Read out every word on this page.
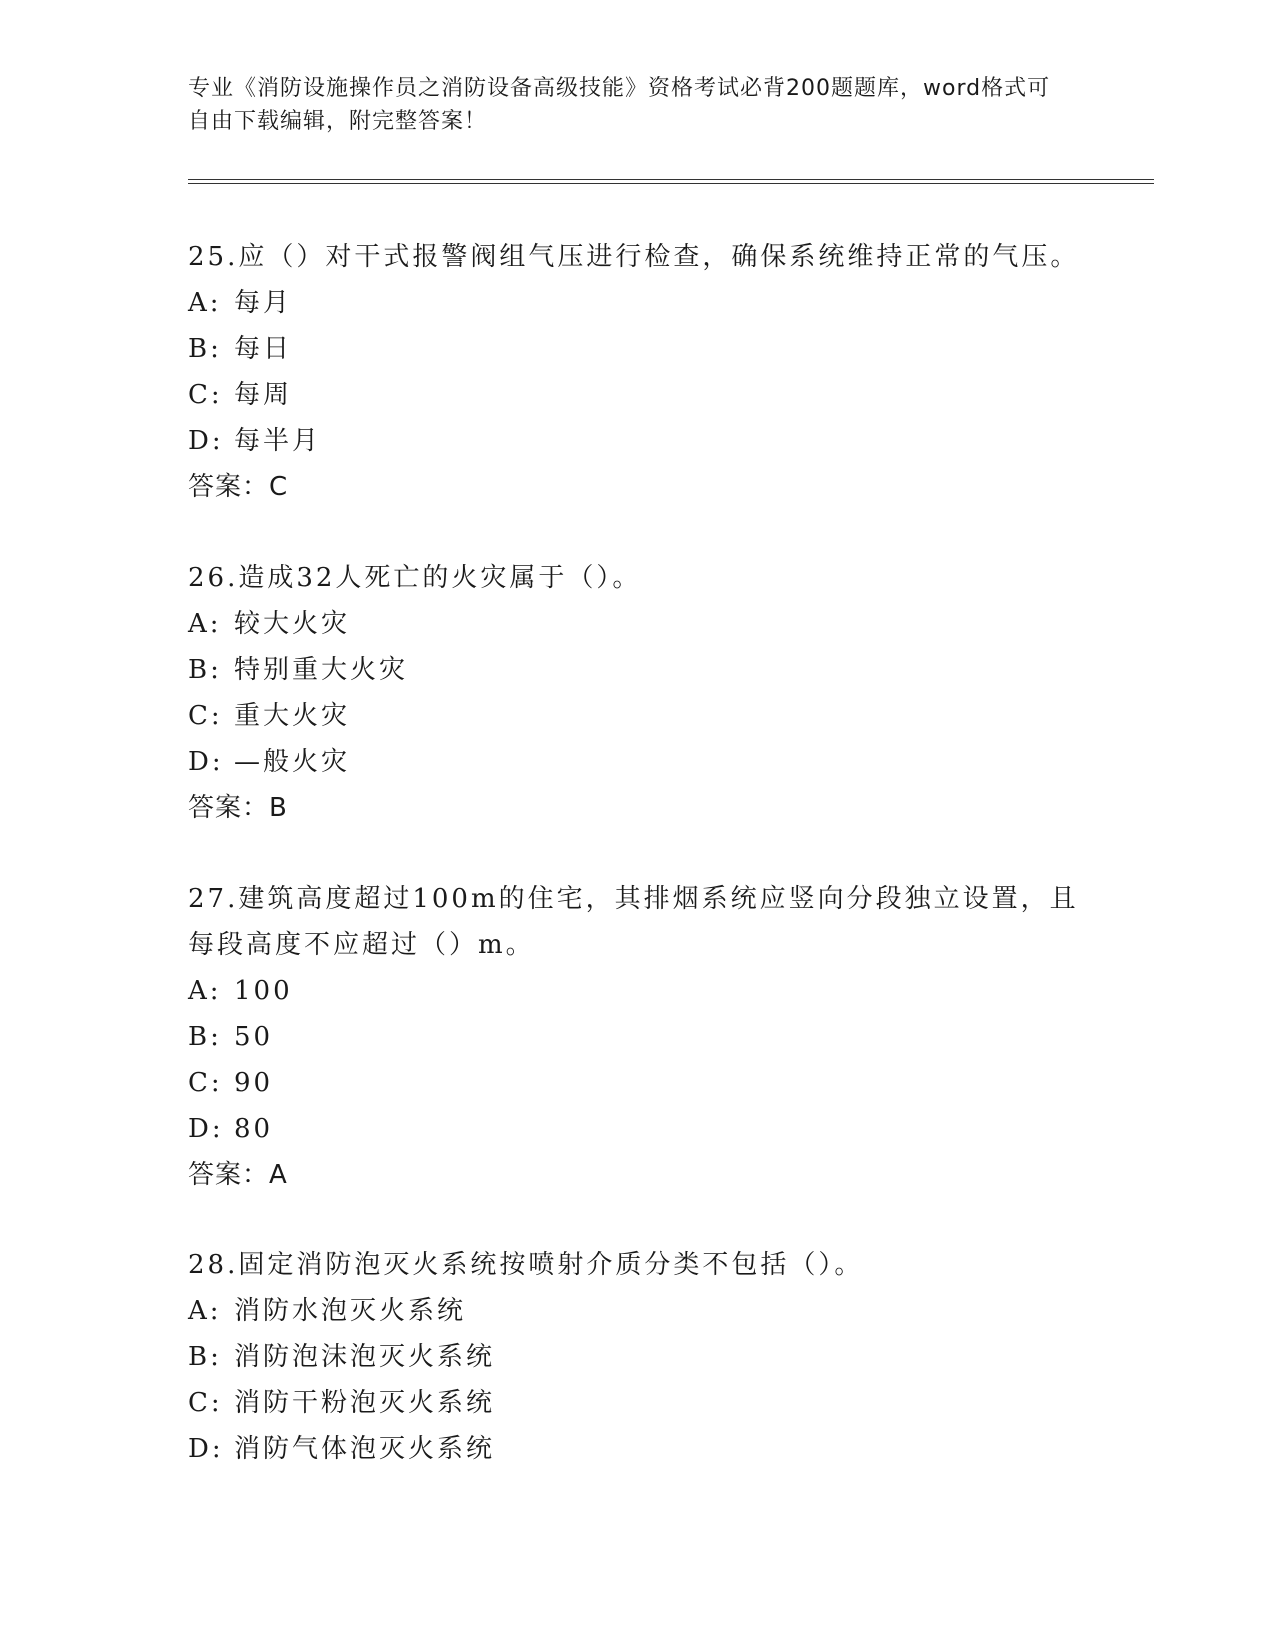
专业《消防设施操作员之消防设备高级技能》资格考试必背200题题库，word格式可自由下载编辑，附完整答案！

25.应（）对干式报警阀组气压进行检查，确保系统维持正常的气压。

A: 每月

B: 每日

C: 每周

D: 每半月

答案：C

26.造成32人死亡的火灾属于（）。

A: 较大火灾

B: 特别重大火灾

C: 重大火灾

D: —般火灾

答案：B

27.建筑高度超过100m的住宅，其排烟系统应竖向分段独立设置，且每段高度不应超过（）m。

A: 100

B: 50

C: 90

D: 80

答案：A

28.固定消防泡灭火系统按喷射介质分类不包括（）。

A: 消防水泡灭火系统

B: 消防泡沫泡灭火系统

C: 消防干粉泡灭火系统

D: 消防气体泡灭火系统
